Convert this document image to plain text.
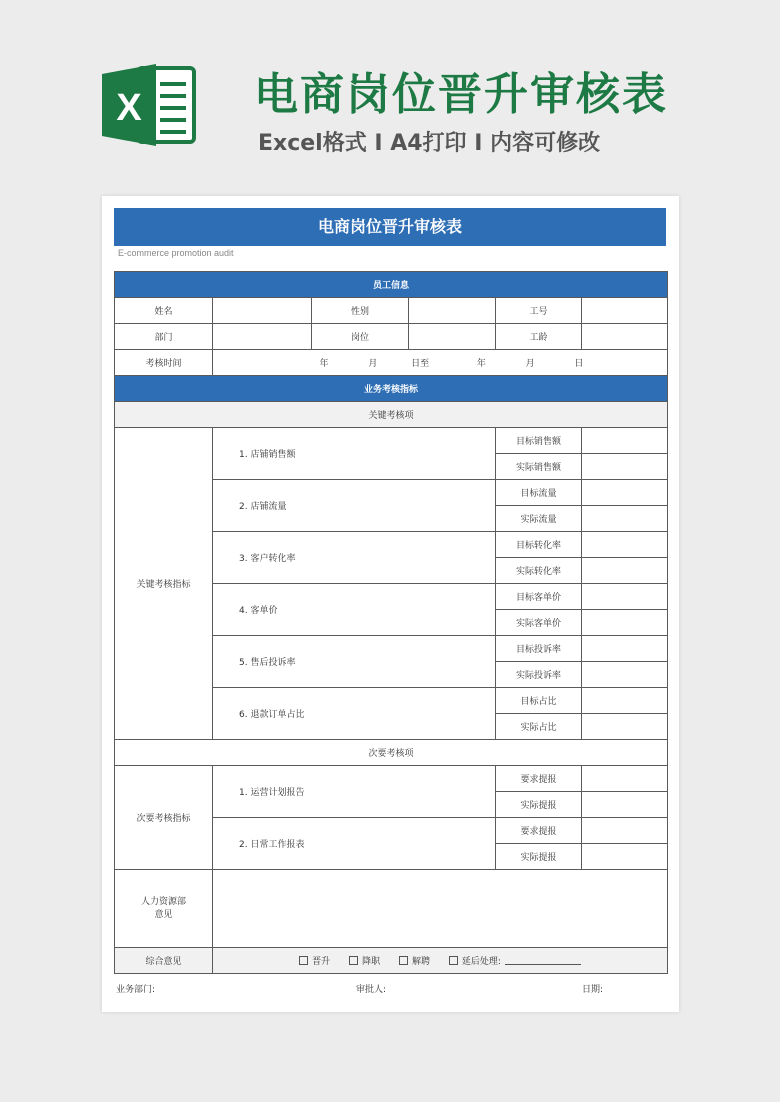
X	电商岗位晋升审核表
Excel格式 I A4打印 I 内容可修改
电商岗位晋升审核表
E-commerce promotion audit
员工信息					
姓名		性别		工号	
部门		岗位		工龄	
考核时间	年 月 日至 年 月 日				
业务考核指标					
关键考核项					
关键考核指标	1. 店铺销售额			目标销售额	
				实际销售额	
	2. 店铺流量			目标流量	
				实际流量	
	3. 客户转化率			目标转化率	
				实际转化率	
	4. 客单价			目标客单价	
				实际客单价	
	5. 售后投诉率			目标投诉率	
				实际投诉率	
	6. 退款订单占比			目标占比	
				实际占比	
次要考核项					
次要考核指标	1. 运营计划报告			要求提报	
				实际提报	
	2. 日常工作报表			要求提报	
				实际提报	
人力资源部
意见					
综合意见	晋升 降职 解聘 延后处理:				
业务部门:	审批人:	日期:
